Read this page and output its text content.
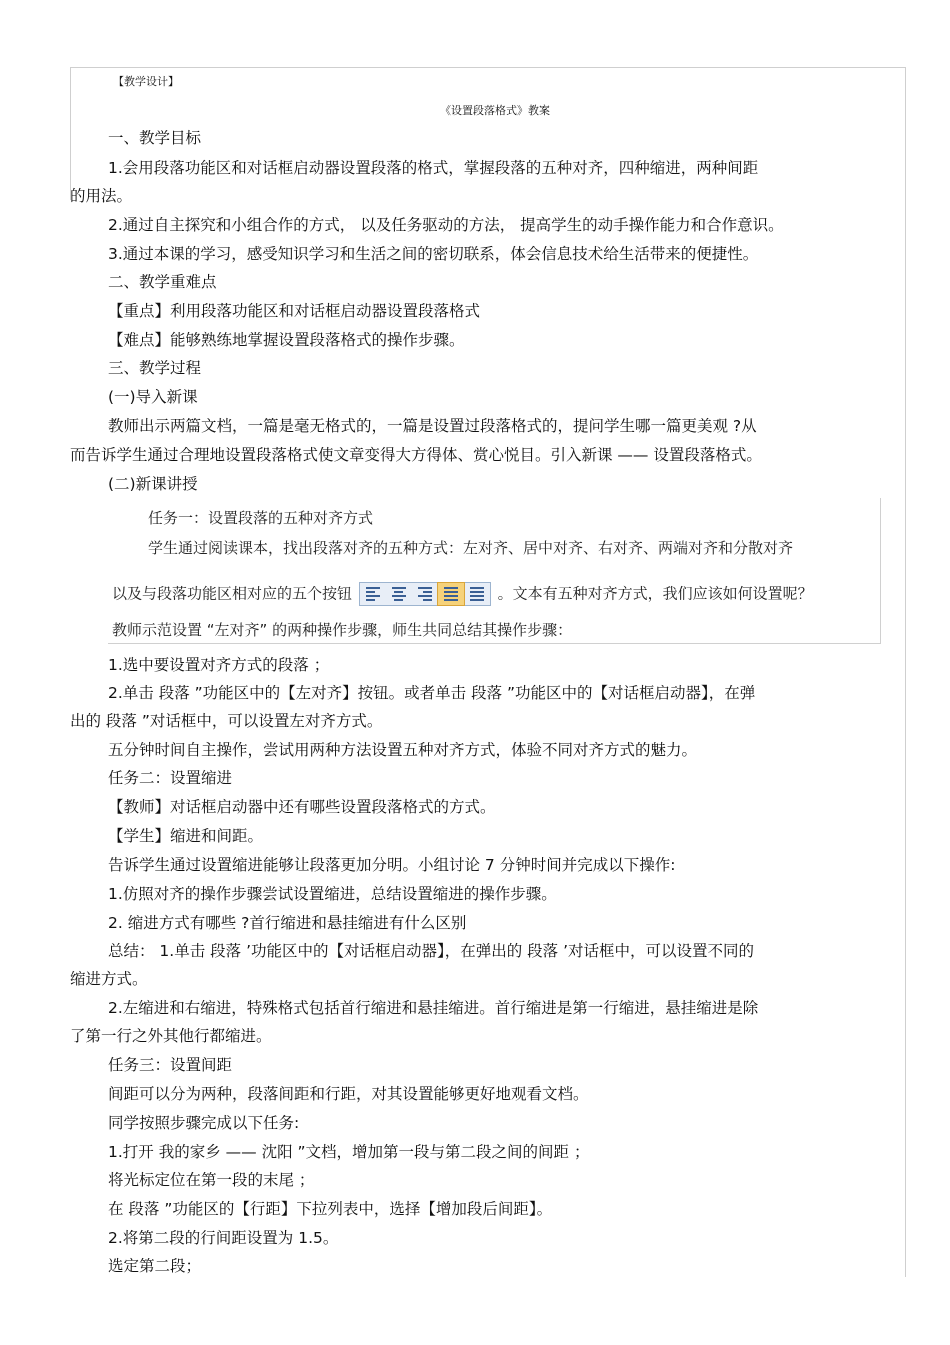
【教学设计】
《设置段落格式》教案
一、教学目标
1.会用段落功能区和对话框启动器设置段落的格式，掌握段落的五种对齐，四种缩进，两种间距
的用法。
2.通过自主探究和小组合作的方式， 以及任务驱动的方法， 提高学生的动手操作能力和合作意识。
3.通过本课的学习，感受知识学习和生活之间的密切联系，体会信息技术给生活带来的便捷性。
二、教学重难点
【重点】利用段落功能区和对话框启动器设置段落格式
【难点】能够熟练地掌握设置段落格式的操作步骤。
三、教学过程
(一)导入新课
教师出示两篇文档，一篇是毫无格式的，一篇是设置过段落格式的，提问学生哪一篇更美观 ?从
而告诉学生通过合理地设置段落格式使文章变得大方得体、赏心悦目。引入新课 —— 设置段落格式。
(二)新课讲授
1.选中要设置对齐方式的段落 ；
2.单击 段落 ”功能区中的【左对齐】按钮。或者单击 段落 ”功能区中的【对话框启动器】，在弹
出的 段落 ”对话框中，可以设置左对齐方式。
五分钟时间自主操作，尝试用两种方法设置五种对齐方式，体验不同对齐方式的魅力。
任务二：设置缩进
【教师】对话框启动器中还有哪些设置段落格式的方式。
【学生】缩进和间距。
告诉学生通过设置缩进能够让段落更加分明。小组讨论 7 分钟时间并完成以下操作:
1.仿照对齐的操作步骤尝试设置缩进，总结设置缩进的操作步骤。
2. 缩进方式有哪些 ?首行缩进和悬挂缩进有什么区别
总结： 1.单击 段落 ’功能区中的【对话框启动器】，在弹出的 段落 ’对话框中，可以设置不同的
缩进方式。
2.左缩进和右缩进，特殊格式包括首行缩进和悬挂缩进。首行缩进是第一行缩进，悬挂缩进是除
了第一行之外其他行都缩进。
任务三：设置间距
间距可以分为两种，段落间距和行距，对其设置能够更好地观看文档。
同学按照步骤完成以下任务:
1.打开 我的家乡 —— 沈阳 ”文档，增加第一段与第二段之间的间距 ；
将光标定位在第一段的末尾 ；
在 段落 ”功能区的【行距】下拉列表中，选择【增加段后间距】。
2.将第二段的行间距设置为 1.5。
选定第二段；
任务一：设置段落的五种对齐方式
学生通过阅读课本，找出段落对齐的五种方式：左对齐、居中对齐、右对齐、两端对齐和分散对齐
以及与段落功能区相对应的五个按钮	。文本有五种对齐方式，我们应该如何设置呢？
教师示范设置 “左对齐” 的两种操作步骤，师生共同总结其操作步骤：
